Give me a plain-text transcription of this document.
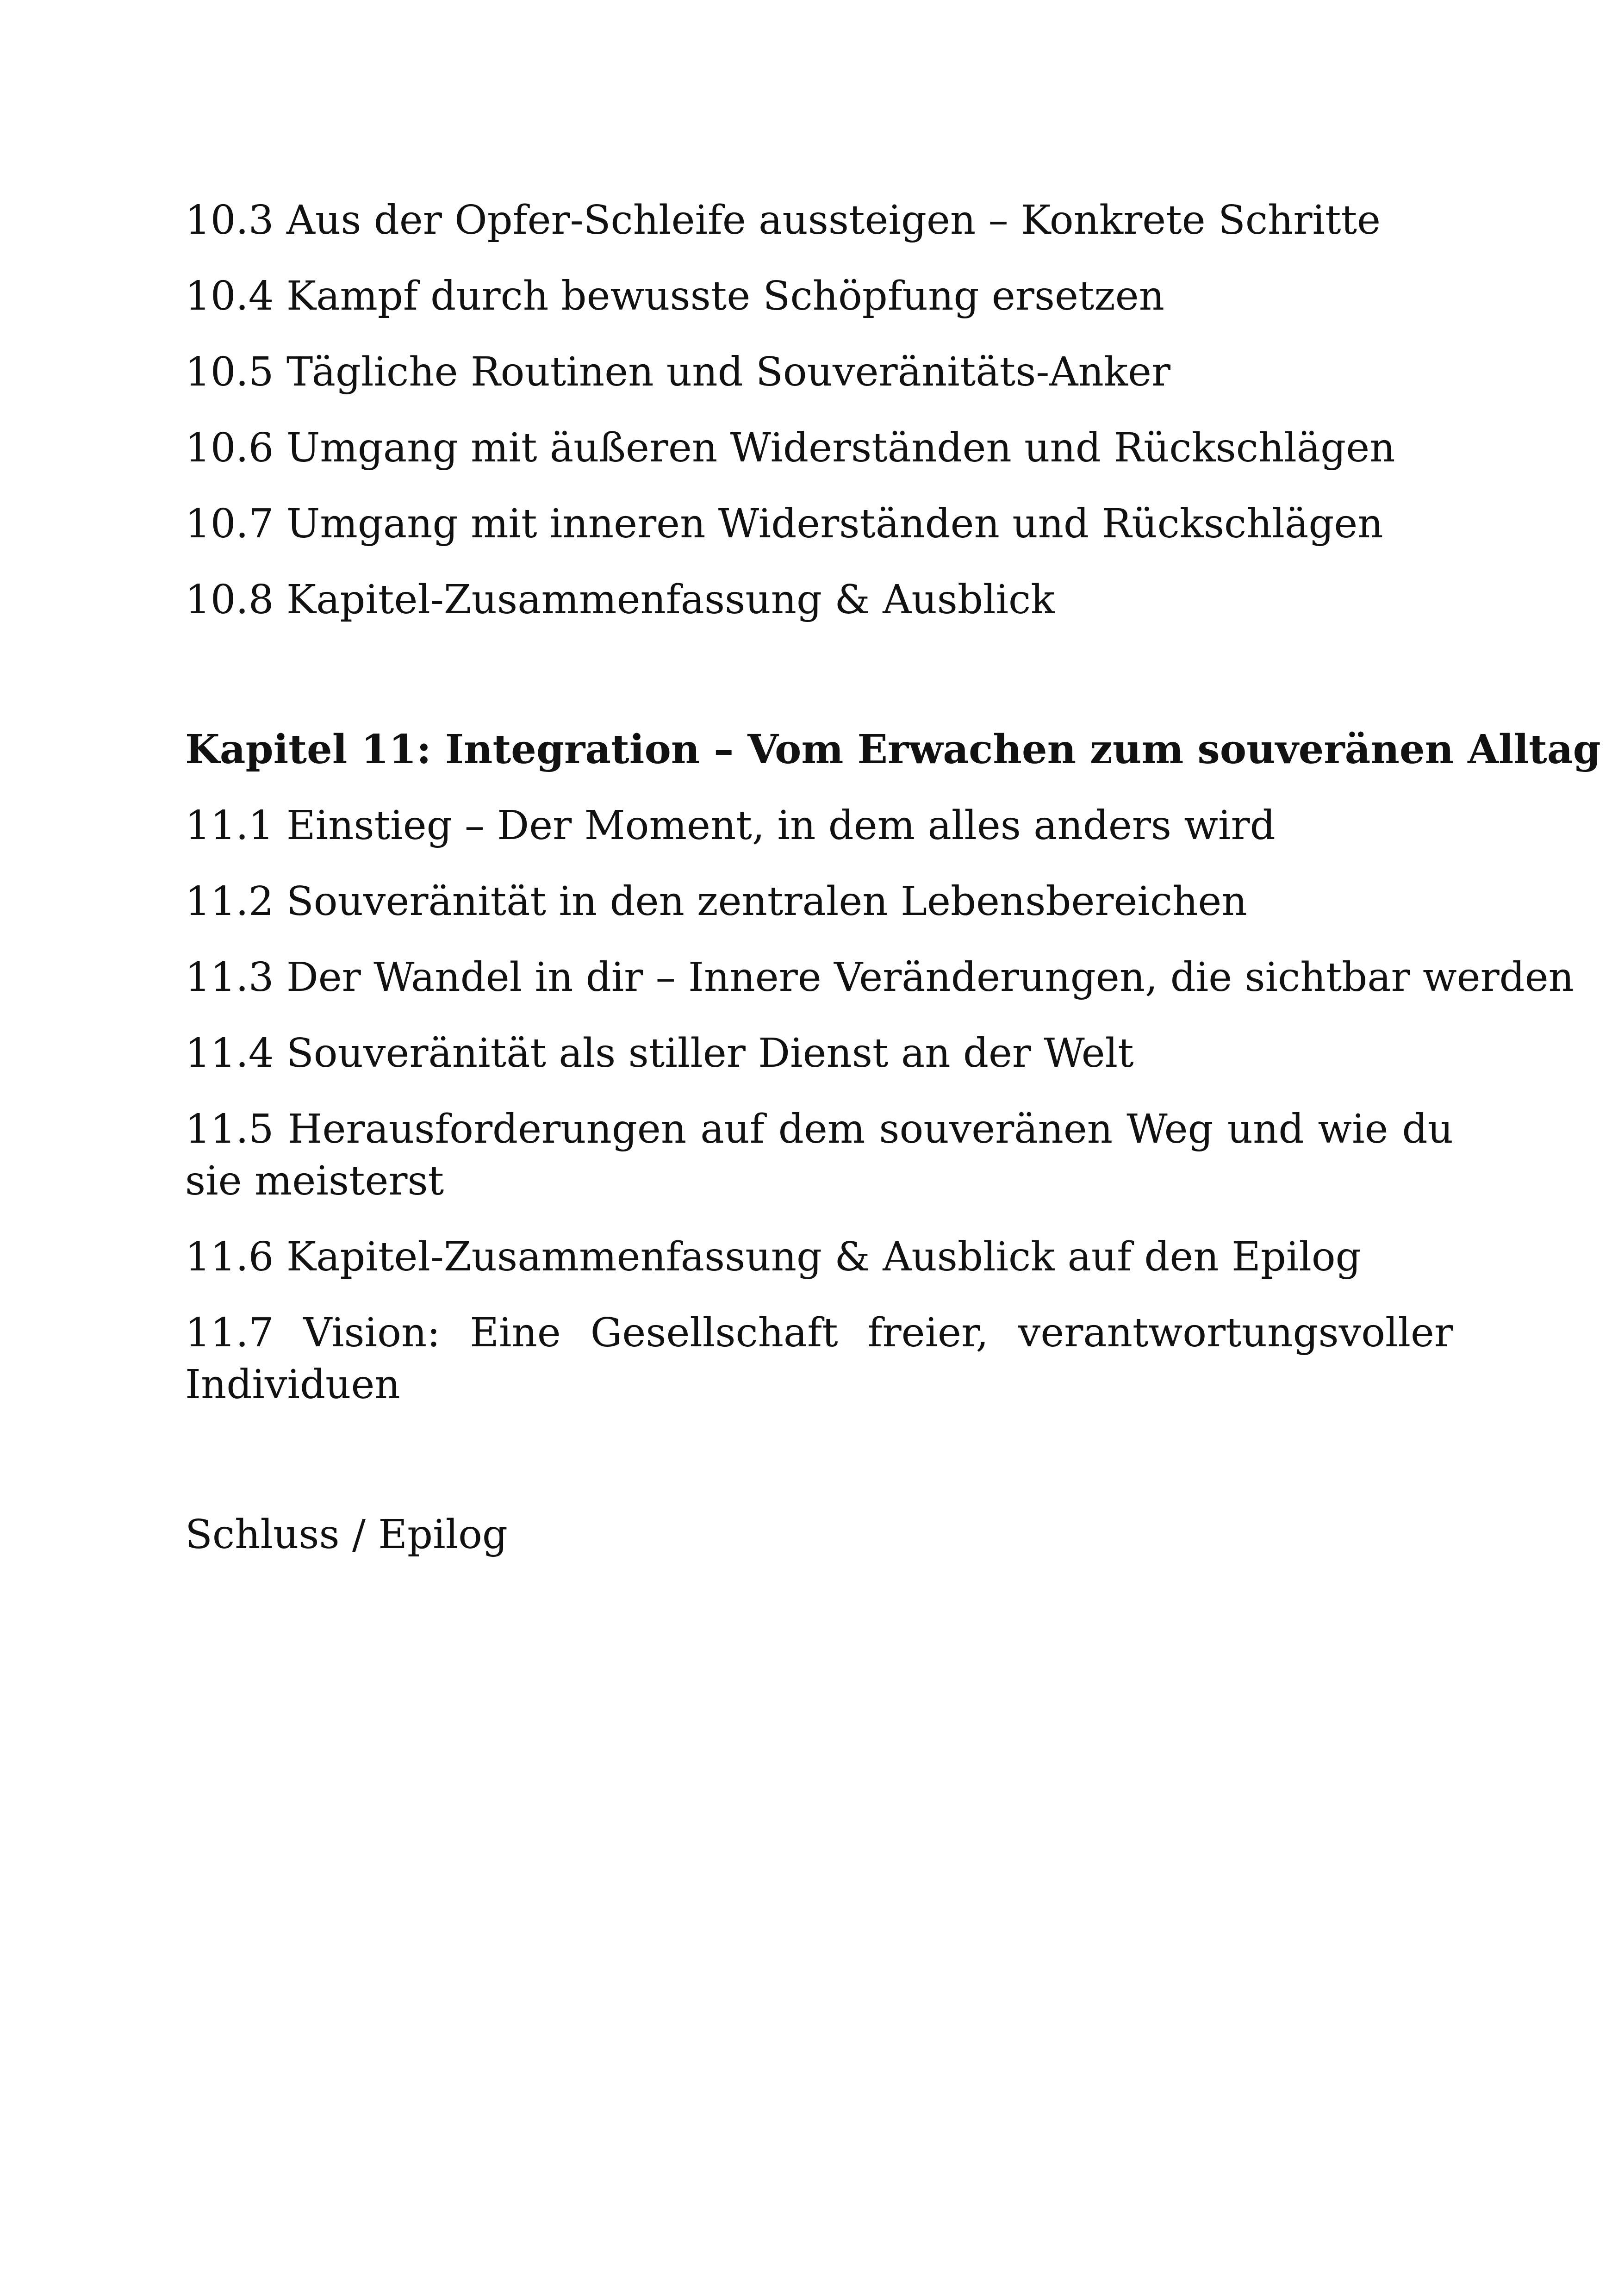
10.3 Aus der Opfer-Schleife aussteigen – Konkrete Schritte
10.4 Kampf durch bewusste Schöpfung ersetzen
10.5 Tägliche Routinen und Souveränitäts-Anker
10.6 Umgang mit äußeren Widerständen und Rückschlägen
10.7 Umgang mit inneren Widerständen und Rückschlägen
10.8 Kapitel-Zusammenfassung & Ausblick
Kapitel 11: Integration – Vom Erwachen zum souveränen Alltag
11.1 Einstieg – Der Moment, in dem alles anders wird
11.2 Souveränität in den zentralen Lebensbereichen
11.3 Der Wandel in dir – Innere Veränderungen, die sichtbar werden
11.4 Souveränität als stiller Dienst an der Welt
11.5 Herausforderungen auf dem souveränen Weg und wie du sie meisterst
11.6 Kapitel-Zusammenfassung & Ausblick auf den Epilog
11.7 Vision: Eine Gesellschaft freier, verantwortungsvoller Individuen
Schluss / Epilog
